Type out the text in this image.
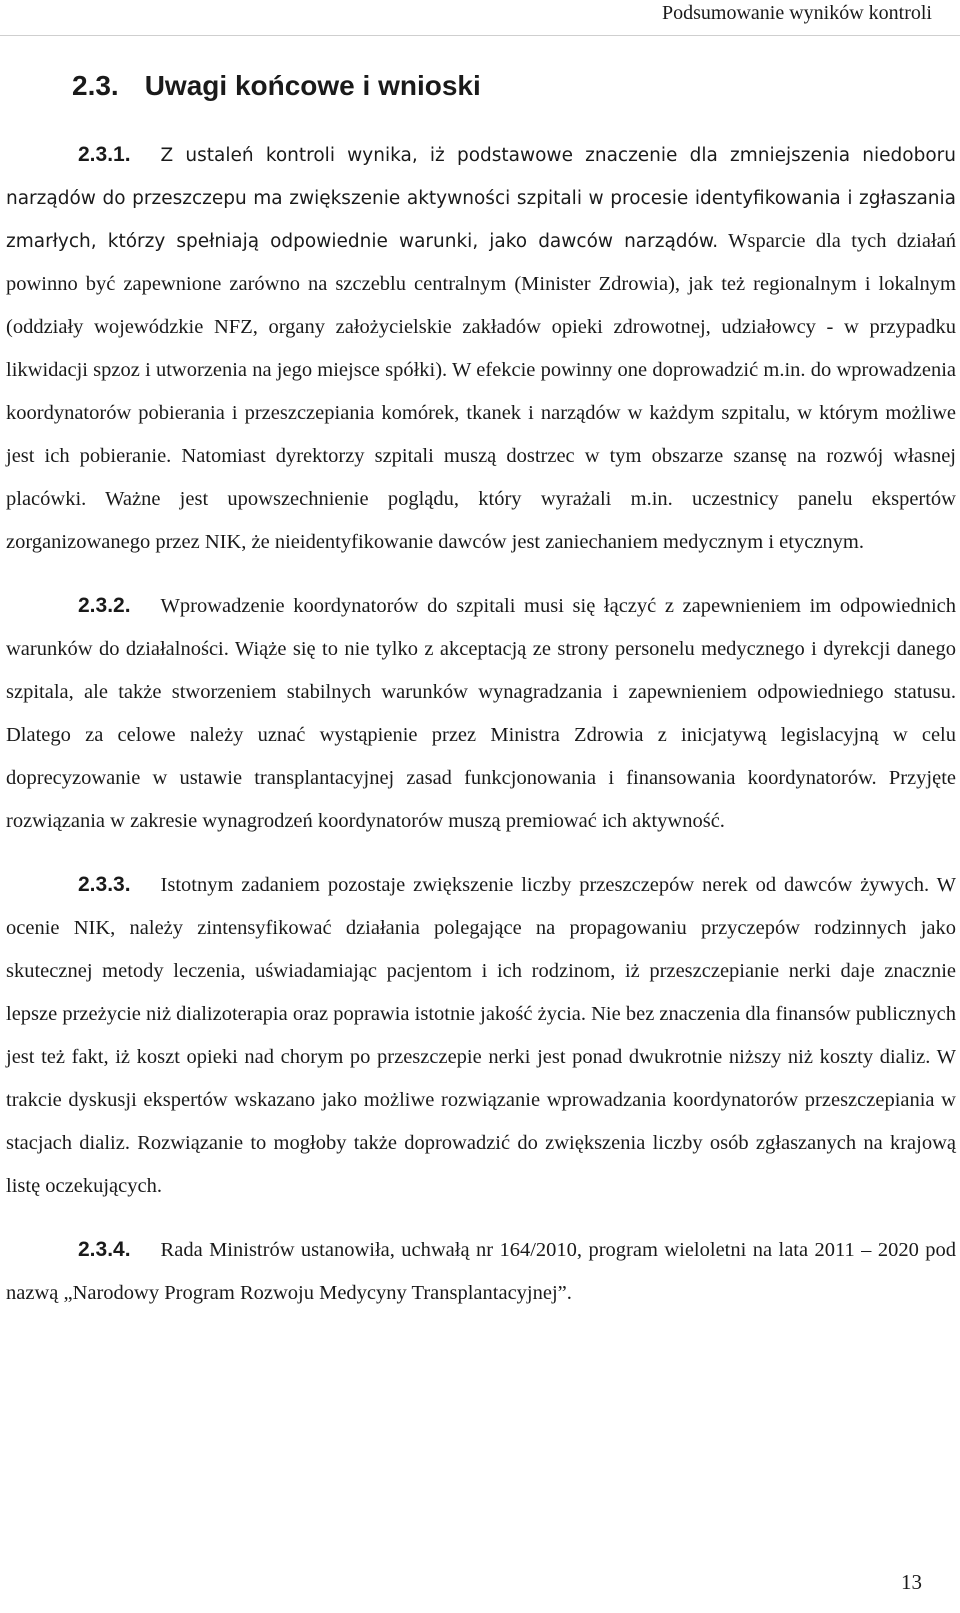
Podsumowanie wyników kontroli
2.3. Uwagi końcowe i wnioski

2.3.1. Z ustaleń kontroli wynika, iż podstawowe znaczenie dla zmniejszenia niedoboru narządów do przeszczepu ma zwiększenie aktywności szpitali w procesie identyfikowania i zgłaszania zmarłych, którzy spełniają odpowiednie warunki, jako dawców narządów. Wsparcie dla tych działań powinno być zapewnione zarówno na szczeblu centralnym (Minister Zdrowia), jak też regionalnym i lokalnym (oddziały wojewódzkie NFZ, organy założycielskie zakładów opieki zdrowotnej, udziałowcy - w przypadku likwidacji spzoz i utworzenia na jego miejsce spółki). W efekcie powinny one doprowadzić m.in. do wprowadzenia koordynatorów pobierania i przeszczepiania komórek, tkanek i narządów w każdym szpitalu, w którym możliwe jest ich pobieranie. Natomiast dyrektorzy szpitali muszą dostrzec w tym obszarze szansę na rozwój własnej placówki. Ważne jest upowszechnienie poglądu, który wyrażali m.in. uczestnicy panelu ekspertów zorganizowanego przez NIK, że nieidentyfikowanie dawców jest zaniechaniem medycznym i etycznym.

2.3.2. Wprowadzenie koordynatorów do szpitali musi się łączyć z zapewnieniem im odpowiednich warunków do działalności. Wiąże się to nie tylko z akceptacją ze strony personelu medycznego i dyrekcji danego szpitala, ale także stworzeniem stabilnych warunków wynagradzania i zapewnieniem odpowiedniego statusu. Dlatego za celowe należy uznać wystąpienie przez Ministra Zdrowia z inicjatywą legislacyjną w celu doprecyzowanie w ustawie transplantacyjnej zasad funkcjonowania i finansowania koordynatorów. Przyjęte rozwiązania w zakresie wynagrodzeń koordynatorów muszą premiować ich aktywność.

2.3.3. Istotnym zadaniem pozostaje zwiększenie liczby przeszczepów nerek od dawców żywych. W ocenie NIK, należy zintensyfikować działania polegające na propagowaniu przyczepów rodzinnych jako skutecznej metody leczenia, uświadamiając pacjentom i ich rodzinom, iż przeszczepianie nerki daje znacznie lepsze przeżycie niż dializoterapia oraz poprawia istotnie jakość życia. Nie bez znaczenia dla finansów publicznych jest też fakt, iż koszt opieki nad chorym po przeszczepie nerki jest ponad dwukrotnie niższy niż koszty dializ. W trakcie dyskusji ekspertów wskazano jako możliwe rozwiązanie wprowadzania koordynatorów przeszczepiania w stacjach dializ. Rozwiązanie to mogłoby także doprowadzić do zwiększenia liczby osób zgłaszanych na krajową listę oczekujących.

2.3.4. Rada Ministrów ustanowiła, uchwałą nr 164/2010, program wieloletni na lata 2011 – 2020 pod nazwą „Narodowy Program Rozwoju Medycyny Transplantacyjnej”.

13
